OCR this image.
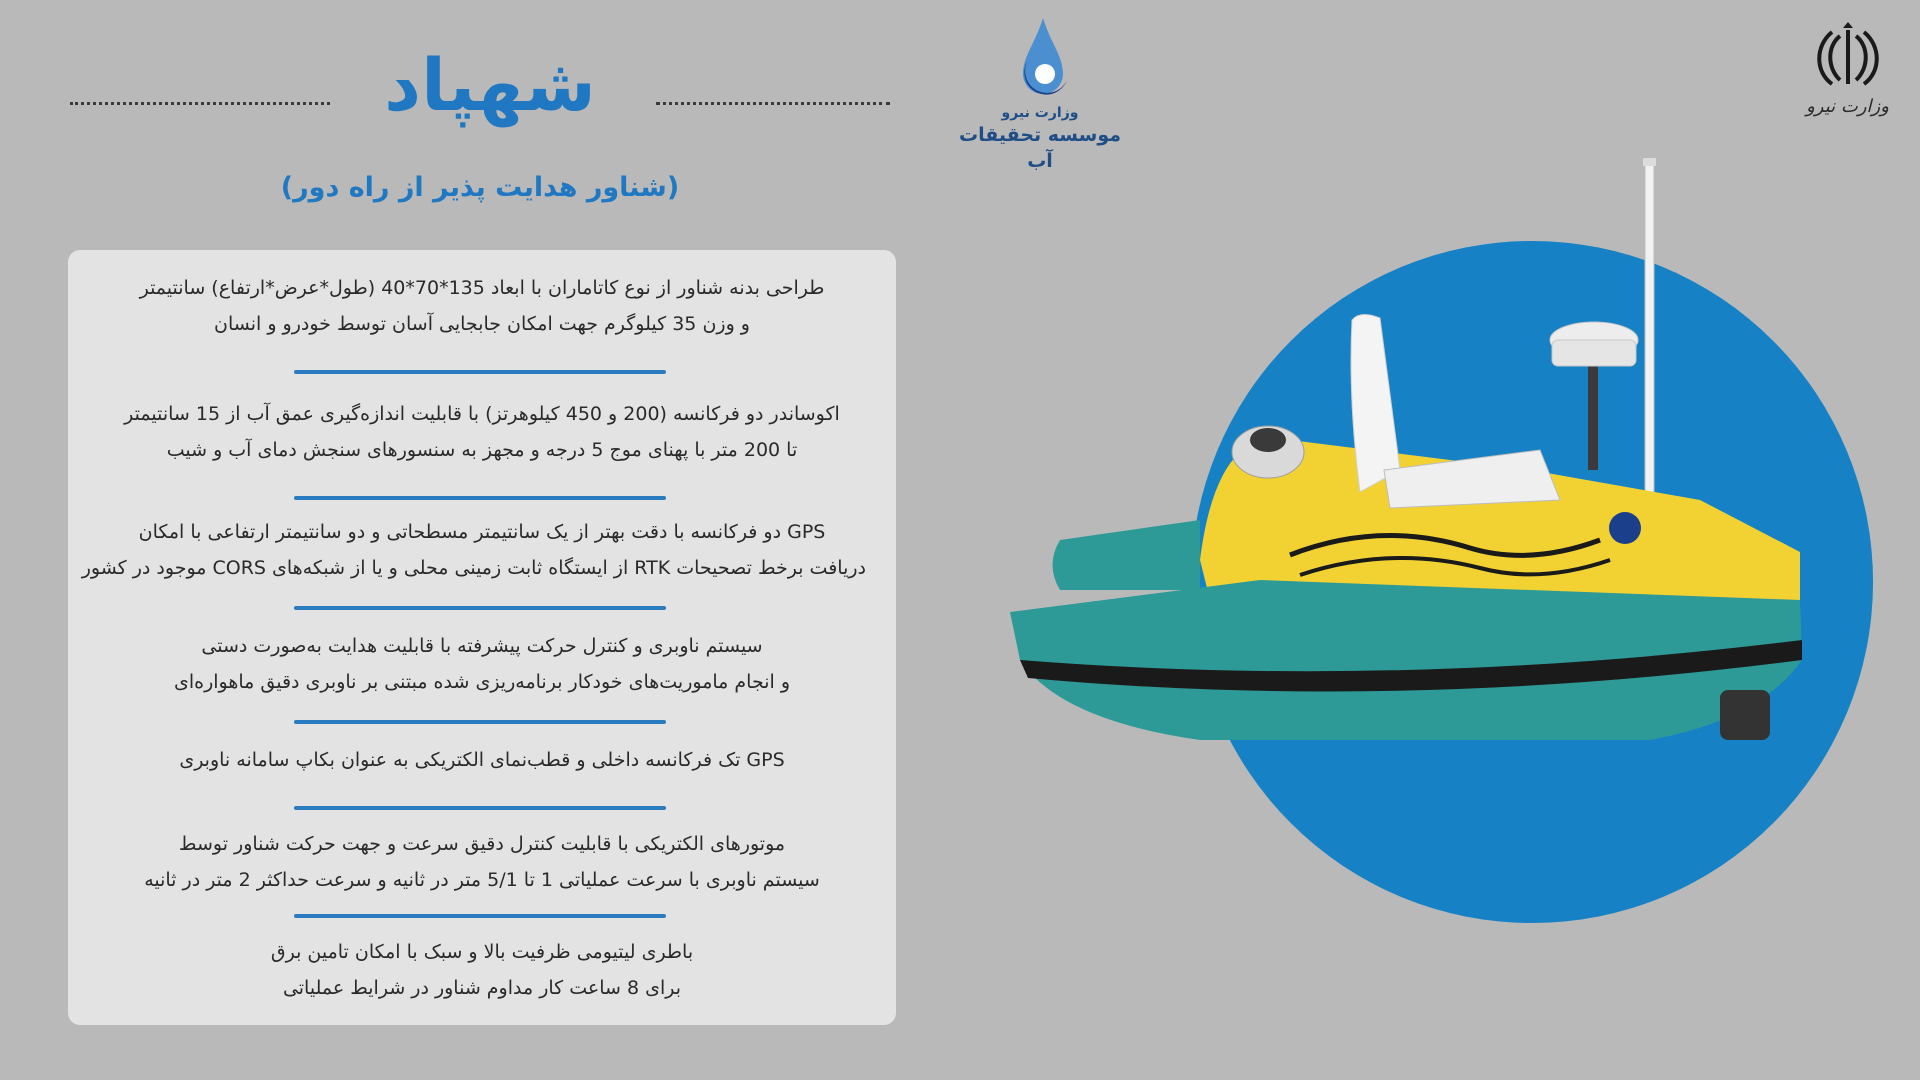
شهپاد
(شناور هدایت پذیر از راه دور)
وزارت نیرو
موسسه تحقیقات آب
وزارت نیرو
طراحی بدنه شناور از نوع کاتاماران با ابعاد 135*70*40 (طول*عرض*ارتفاع) سانتیمتر
و وزن 35 کیلوگرم جهت امکان جابجایی آسان توسط خودرو و انسان
اکوساندر دو فرکانسه (200 و 450 کیلوهرتز) با قابلیت اندازه‌گیری عمق آب از 15 سانتیمتر
تا 200 متر با پهنای موج 5 درجه و مجهز به سنسورهای سنجش دمای آب و شیب
GPS دو فرکانسه با دقت بهتر از یک سانتیمتر مسطحاتی و دو سانتیمتر ارتفاعی با امکان
دریافت برخط تصحیحات RTK از ایستگاه ثابت زمینی محلی و یا از شبکه‌های CORS موجود در کشور
سیستم ناوبری و کنترل حرکت پیشرفته با قابلیت هدایت به‌صورت دستی
و انجام ماموریت‌های خودکار برنامه‌ریزی شده مبتنی بر ناوبری دقیق ماهواره‌ای
GPS تک فرکانسه داخلی و قطب‌نمای الکتریکی به عنوان بکاپ سامانه ناوبری
موتورهای الکتریکی با قابلیت کنترل دقیق سرعت و جهت حرکت شناور توسط
سیستم ناوبری با سرعت عملیاتی 1 تا 5/1 متر در ثانیه و سرعت حداکثر 2 متر در ثانیه
باطری لیتیومی ظرفیت بالا و سبک با امکان تامین برق
برای 8 ساعت کار مداوم شناور در شرایط عملیاتی
